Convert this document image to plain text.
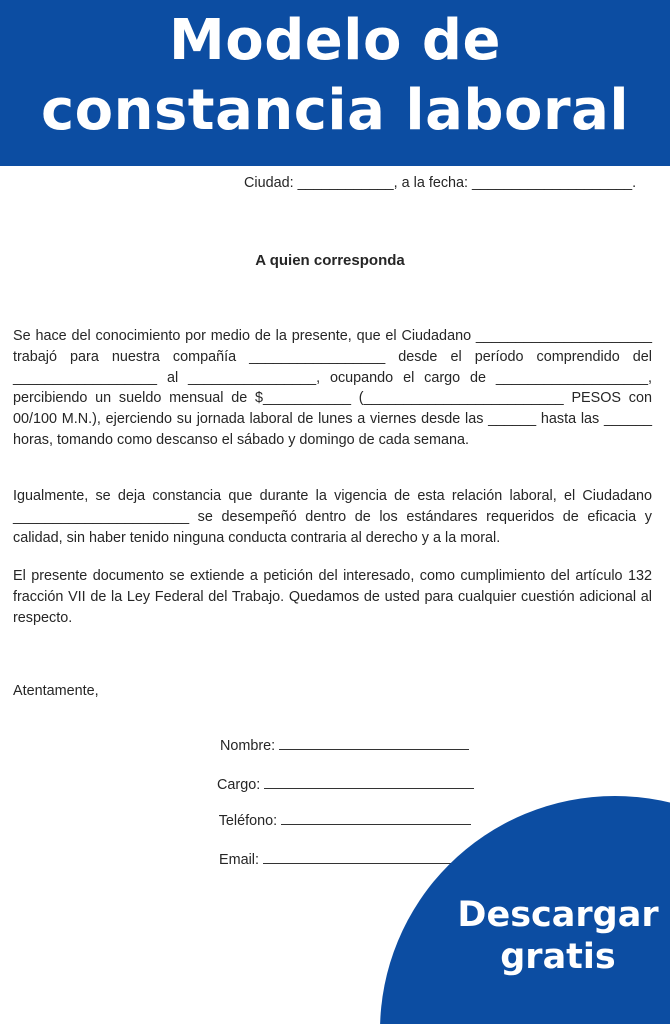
Modelo de
constancia laboral
Ciudad: ____________, a la fecha: ____________________.
A quien corresponda

Se hace del conocimiento por medio de la presente, que el Ciudadano ______________________ trabajó para nuestra compañía _________________ desde el período comprendido del __________________ al ________________, ocupando el cargo de ___________________, percibiendo un sueldo mensual de $___________ (_________________________ PESOS con 00/100 M.N.), ejerciendo su jornada laboral de lunes a viernes desde las ______ hasta las ______ horas, tomando como descanso el sábado y domingo de cada semana.

Igualmente, se deja constancia que durante la vigencia de esta relación laboral, el Ciudadano ______________________ se desempeñó dentro de los estándares requeridos de eficacia y calidad, sin haber tenido ninguna conducta contraria al derecho y a la moral.

El presente documento se extiende a petición del interesado, como cumplimiento del artículo 132 fracción VII de la Ley Federal del Trabajo. Quedamos de usted para cualquier cuestión adicional al respecto.

Atentamente,

Nombre:

Cargo:

Teléfono:

Email:

Descargar
gratis
